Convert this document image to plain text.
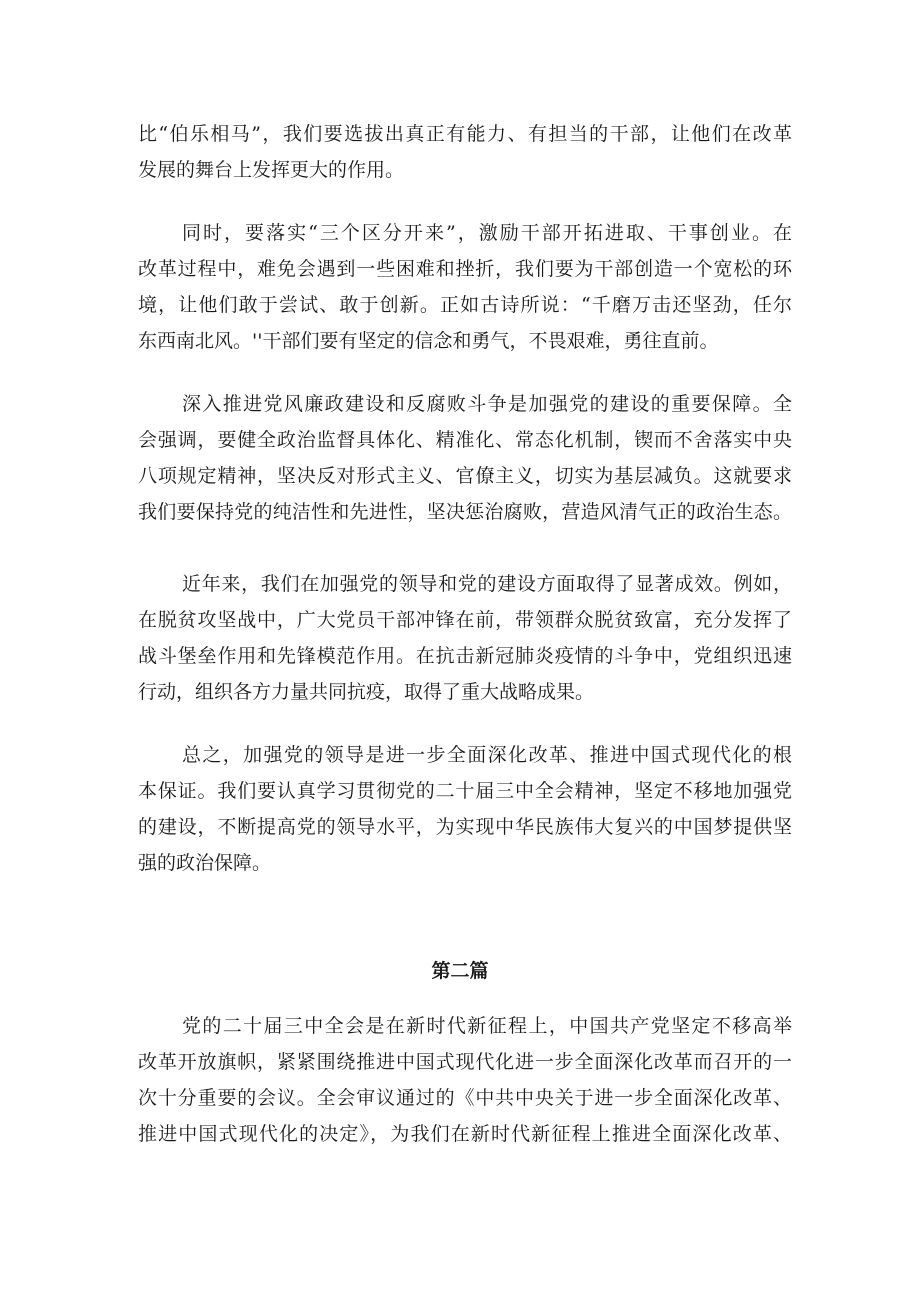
比“伯乐相马”，我们要选拔出真正有能力、有担当的干部，让他们在改革
发展的舞台上发挥更大的作用。
同时，要落实“三个区分开来”，激励干部开拓进取、干事创业。在
改革过程中，难免会遇到一些困难和挫折，我们要为干部创造一个宽松的环
境，让他们敢于尝试、敢于创新。正如古诗所说：“千磨万击还坚劲，任尔
东西南北风。''干部们要有坚定的信念和勇气，不畏艰难，勇往直前。
深入推进党风廉政建设和反腐败斗争是加强党的建设的重要保障。全
会强调，要健全政治监督具体化、精准化、常态化机制，锲而不舍落实中央
八项规定精神，坚决反对形式主义、官僚主义，切实为基层减负。这就要求
我们要保持党的纯洁性和先进性，坚决惩治腐败，营造风清气正的政治生态。
近年来，我们在加强党的领导和党的建设方面取得了显著成效。例如，
在脱贫攻坚战中，广大党员干部冲锋在前，带领群众脱贫致富，充分发挥了
战斗堡垒作用和先锋模范作用。在抗击新冠肺炎疫情的斗争中，党组织迅速
行动，组织各方力量共同抗疫，取得了重大战略成果。
总之，加强党的领导是进一步全面深化改革、推进中国式现代化的根
本保证。我们要认真学习贯彻党的二十届三中全会精神，坚定不移地加强党
的建设，不断提高党的领导水平，为实现中华民族伟大复兴的中国梦提供坚
强的政治保障。
第二篇
党的二十届三中全会是在新时代新征程上，中国共产党坚定不移高举
改革开放旗帜，紧紧围绕推进中国式现代化进一步全面深化改革而召开的一
次十分重要的会议。全会审议通过的《中共中央关于进一步全面深化改革、
推进中国式现代化的决定》，为我们在新时代新征程上推进全面深化改革、
